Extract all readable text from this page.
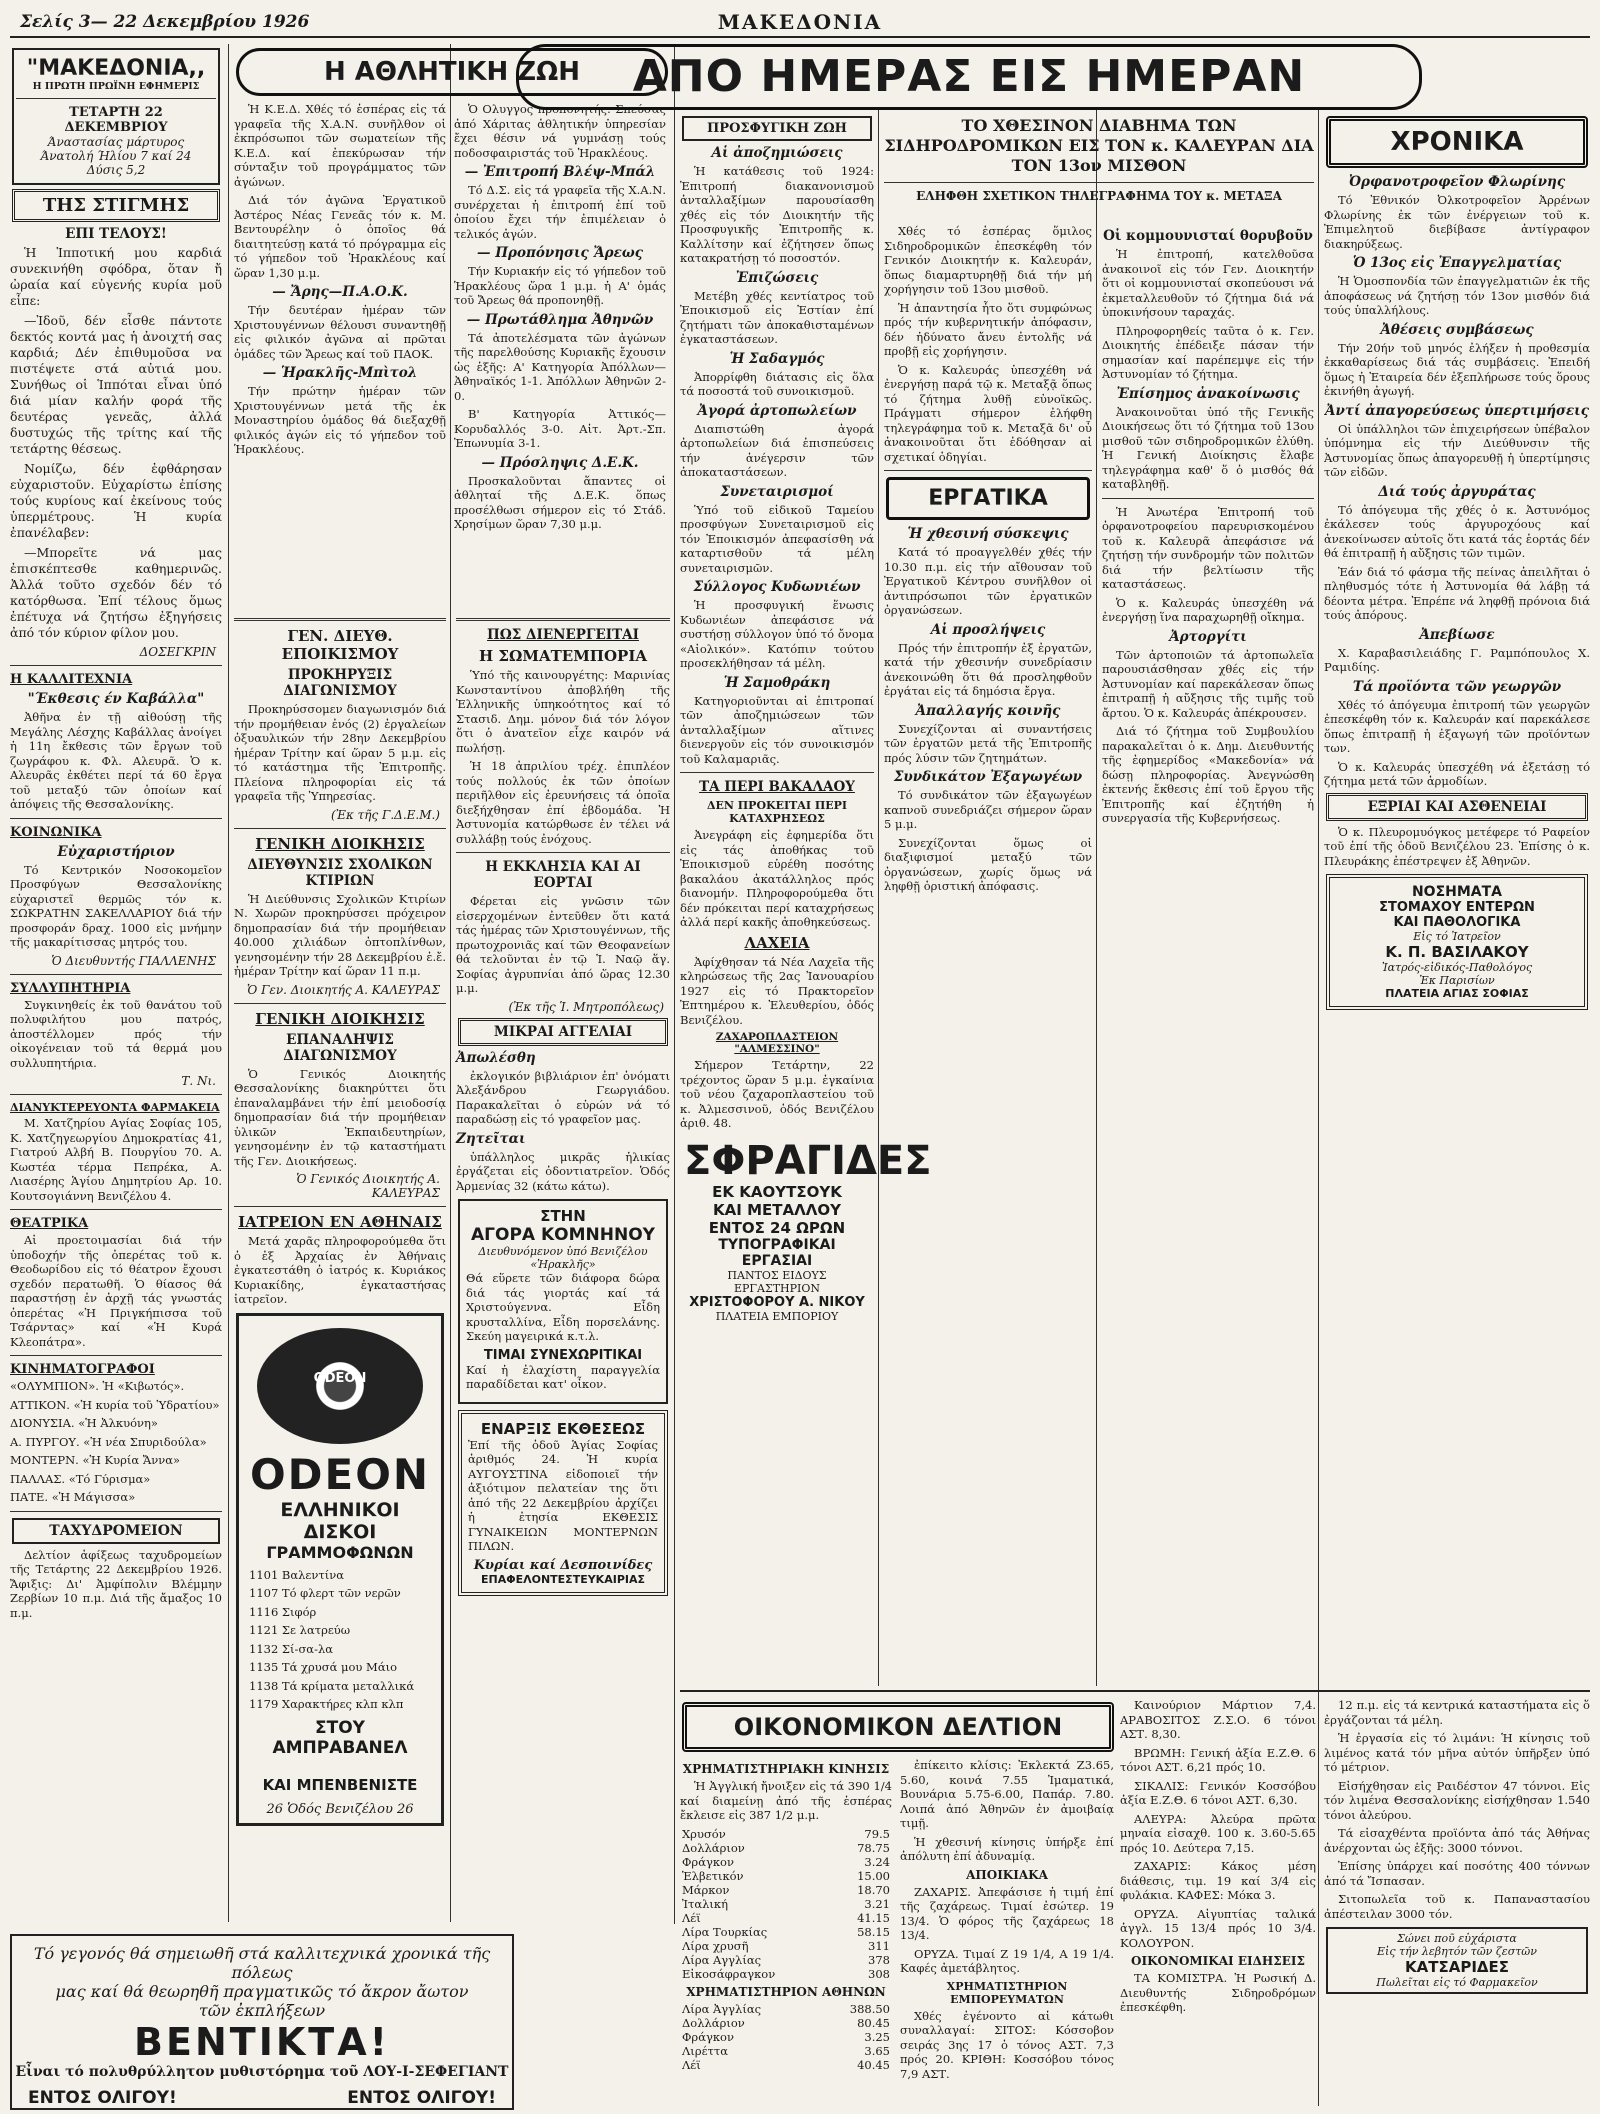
Σελίς 3— 22 Δεκεμβρίου 1926	ΜΑΚΕΔΟΝΙΑ
"ΜΑΚΕΔΟΝΙΑ,,
Η ΠΡΩΤΗ ΠΡΩΪΝΗ ΕΦΗΜΕΡΙΣ
ΤΕΤΑΡΤΗ 22 ΔΕΚΕΜΒΡΙΟΥ
Άναστασίας μάρτυρος
Άνατολή Ήλίου 7 καί 24
Δύσις 5,2
ΤΗΣ ΣΤΙΓΜΗΣ
ΕΠΙ ΤΕΛΟΥΣ!

Ἡ Ἱπποτική μου καρδιά συνεκινήθη σφόδρα, ὅταν ἤ ὠραία καί εὐγενής κυρία μοῦ εἶπε:

—Ἰδοῦ, δέν εἶσθε πάντοτε δεκτός κοντά μας ἡ ἀνοιχτή σας καρδιά; Δέν ἐπιθυμοῦσα να πιστέψετε στά αὐτιά μου. Συνήθως οἱ Ἱππόται εἶναι ὑπό διά μίαν καλήν φορά τῆς δευτέρας γενεᾶς, ἀλλά δυστυχώς τῆς τρίτης καί τῆς τετάρτης θέσεως.

Νομίζω, δέν ἐφθάρησαν εὐχαριστοῦν. Εὐχαρίστω ἐπίσης τούς κυρίους καί ἐκείνους τούς ὑπερμέτρους. Ἡ κυρία ἐπανέλαβεν:

—Μπορεῖτε νά μας ἐπισκέπτεσθε καθημερινῶς. Ἀλλά τοῦτο σχεδόν δέν τό κατόρθωσα. Ἐπί τέλους ὅμως ἐπέτυχα νά ζητήσω ἐξηγήσεις ἀπό τόν κύριον φίλον μου.

ΔΟΣΕΓΚΡΙΝ
Η ΚΑΛΛΙΤΕΧΝΙΑ
"Έκθεσις έν Καβάλλα"

Ἀθῆνα ἐν τῇ αἰθούσῃ τῆς Μεγάλης Λέσχης Καβάλλας ἀνοίγει ἡ 11η ἔκθεσις τῶν ἔργων τοῦ ζωγράφου κ. Φλ. Αλευρᾶ. Ὁ κ. Αλευρᾶς ἐκθέτει περί τά 60 ἔργα τοῦ μεταξύ τῶν ὁποίων καί ἀπόψεις τῆς Θεσσαλονίκης.

ΚΟΙΝΩΝΙΚΑ
Εὐχαριστήριον

Τό Κεντρικόν Νοσοκομεῖον Προσφύγων Θεσσαλονίκης εὐχαριστεῖ θερμῶς τόν κ. ΣΩΚΡΑΤΗΝ ΣΑΚΕΛΛΑΡΙΟΥ διά τήν προσφοράν δραχ. 1000 εἰς μνήμην τῆς μακαρίτισσας μητρός του.

Ὁ Διευθυντής ΓΙΑΛΛΕΝΗΣ
ΣΥΛΛΥΠΗΤΗΡΙΑ

Συγκινηθείς ἐκ τοῦ θανάτου τοῦ πολυφιλήτου μου πατρός, ἀποστέλλομεν πρός τήν οἰκογένειαν τοῦ τά θερμά μου συλλυπητήρια.

Τ. Νι.
ΔΙΑΝΥΚΤΕΡΕΥΟΝΤΑ ΦΑΡΜΑΚΕΙΑ

Μ. Χατζηρίου Αγίας Σοφίας 105, Κ. Χατζηγεωργίου Δημοκρατίας 41, Γιατρού Αλβή Β. Πουργίου 70. Α. Κωστέα τέρμα Πεπρέκα, Α. Λιασέρης Ἁγίου Δημητρίου Αρ. 10. Κουτσογιάννη Βενιζέλου 4.

ΘΕΑΤΡΙΚΑ

Αἱ προετοιμασίαι διά τήν ὑποδοχήν τῆς ὀπερέτας τοῦ κ. Θεοδωρίδου εἰς τό θέατρον ἔχουσι σχεδόν περατωθῆ. Ὁ θίασος θά παραστήσῃ ἐν ἀρχῇ τάς γνωστάς ὀπερέτας «Ἡ Πριγκήπισσα τοῦ Τσάρντας» καί «Ἡ Κυρά Κλεοπάτρα».

ΚΙΝΗΜΑΤΟΓΡΑΦΟΙ
«ΟΛΥΜΠΙΟΝ». Ἡ «Κιβωτός».
ΑΤΤΙΚΟΝ. «Ἡ κυρία τοῦ Ὑδρατίου»
ΔΙΟΝΥΣΙΑ. «Ἡ Ἀλκυόνη»
Α. ΠΥΡΓΟΥ. «Ἡ νέα Σπυριδούλα»
ΜΟΝΤΕΡΝ. «Ἡ Κυρία Ἄννα»
ΠΑΛΛΑΣ. «Τό Γύρισμα»
ΠΑΤΕ. «Ἡ Μάγισσα»
ΤΑΧΥΔΡΟΜΕΙΟΝ

Δελτίον ἀφίξεως ταχυδρομείων τῆς Τετάρτης 22 Δεκεμβρίου 1926. Ἄφιξις: Δι' Ἀμφίπολιν Βλέμμην Ζερβίων 10 π.μ. Διά τῆς ἄμαξος 10 π.μ.

Η ΑΘΛΗΤΙΚΗ ΖΩΗ

Ἡ Κ.Ε.Δ. Χθές τό ἑσπέρας εἰς τά γραφεῖα τῆς Χ.Α.Ν. συνῆλθον οἱ ἐκπρόσωποι τῶν σωματείων τῆς Κ.Ε.Δ. καί ἐπεκύρωσαν τήν σύνταξιν τοῦ προγράμματος τῶν ἀγώνων.

Διά τόν ἀγῶνα Ἐργατικοῦ Ἀστέρος Νέας Γενεᾶς τόν κ. Μ. Βεντουρέλην ὁ ὁποῖος θά διαιτητεύσῃ κατά τό πρόγραμμα εἰς τό γήπεδον τοῦ Ἡρακλέους καί ὥραν 1,30 μ.μ.

— Ἄρης—Π.Α.Ο.Κ.

Τήν δευτέραν ἡμέραν τῶν Χριστουγέννων θέλουσι συναντηθῇ εἰς φιλικόν ἀγῶνα αἱ πρῶται ὁμάδες τῶν Ἄρεως καί τοῦ ΠΑΟΚ.

— Ἡρακλῆς-Μπὶτολ

Τήν πρώτην ἡμέραν τῶν Χριστουγέννων μετά τῆς ἐκ Μοναστηρίου ὁμάδος θά διεξαχθῇ φιλικός ἀγών εἰς τό γήπεδον τοῦ Ἡρακλέους.

Ὁ Ολυγγος προπονητής. Σπεύσας ἀπό Χάριτας ἀθλητικήν ὑπηρεσίαν ἔχει θέσιν νά γυμνάσῃ τούς ποδοσφαιριστάς τοῦ Ἡρακλέους.

— Ἐπιτροπή Βλέψ-Μπάλ

Τό Δ.Σ. εἰς τά γραφεῖα τῆς Χ.Α.Ν. συνέρχεται ἡ ἐπιτροπή ἐπί τοῦ ὁποίου ἔχει τήν ἐπιμέλειαν ὁ τελικός ἀγών.

— Προπόνησις Ἄρεως

Τήν Κυριακήν εἰς τό γήπεδον τοῦ Ἡρακλέους ὥρα 1 μ.μ. ἡ Α' ὁμάς τοῦ Ἄρεως θά προπονηθῇ.

— Πρωτάθλημα Ἀθηνῶν

Τά ἀποτελέσματα τῶν ἀγώνων τῆς παρελθούσης Κυριακῆς ἔχουσιν ὡς ἑξῆς: Α' Κατηγορία Ἀπόλλων—Ἀθηναϊκός 1-1. Ἀπόλλων Ἀθηνῶν 2-0.

Β' Κατηγορία Ἀττικός—Κορυδαλλός 3-0. Αἰτ. Ἀρτ.-Σπ. Ἐπωνυμία 3-1.

— Πρόσληψις Δ.Ε.Κ.

Προσκαλοῦνται ἅπαντες οἱ ἀθληταί τῆς Δ.Ε.Κ. ὅπως προσέλθωσι σήμερον εἰς τό Στάδ. Χρησίμων ὥραν 7,30 μ.μ.

ΓΕΝ. ΔΙΕΥΘ. ΕΠΟΙΚΙΣΜΟΥ
ΠΡΟΚΗΡΥΞΙΣ ΔΙΑΓΩΝΙΣΜΟΥ

Προκηρύσσομεν διαγωνισμόν διά τήν προμήθειαν ἐνός (2) ἐργαλείων ὀξυαυλικών τήν 28ην Δεκεμβρίου ἡμέραν Τρίτην καί ὥραν 5 μ.μ. εἰς τό κατάστημα τῆς Ἐπιτροπῆς. Πλείονα πληροφορίαι εἰς τά γραφεῖα τῆς Ὑπηρεσίας.

(Ἐκ τῆς Γ.Δ.Ε.Μ.)
ΓΕΝΙΚΗ ΔΙΟΙΚΗΣΙΣ
ΔΙΕΥΘΥΝΣΙΣ ΣΧΟΛΙΚΩΝ ΚΤΙΡΙΩΝ

Ἡ Διεύθυνσις Σχολικῶν Κτιρίων Ν. Χωρῶν προκηρύσσει πρόχειρον δημοπρασίαν διά τήν προμήθειαν 40.000 χιλιάδων ὀπτοπλίνθων, γενησομένην τήν 28 Δεκεμβρίου ἐ.ἔ. ἡμέραν Τρίτην καί ὥραν 11 π.μ.

Ὁ Γεν. Διοικητής Α. ΚΑΛΕΥΡΑΣ
ΓΕΝΙΚΗ ΔΙΟΙΚΗΣΙΣ
ΕΠΑΝΑΛΗΨΙΣ ΔΙΑΓΩΝΙΣΜΟΥ

Ὁ Γενικός Διοικητής Θεσσαλονίκης διακηρύττει ὅτι ἐπαναλαμβάνει τήν ἐπί μειοδοσίᾳ δημοπρασίαν διά τήν προμήθειαν ὑλικῶν Ἐκπαιδευτηρίων, γενησομένην ἐν τῷ καταστήματι τῆς Γεν. Διοικήσεως.

Ὁ Γενικός Διοικητής Α. ΚΑΛΕΥΡΑΣ
ΙΑΤΡΕΙΟΝ ΕΝ ΑΘΗΝΑΙΣ

Μετά χαρᾶς πληροφορούμεθα ὅτι ὁ ἐξ Ἀρχαίας ἐν Ἀθήναις ἐγκατεστάθη ὁ ἰατρός κ. Κυριάκος Κυριακίδης, ἐγκαταστήσας ἰατρεῖον.

ODEON
ODEON
ΕΛΛΗΝΙΚΟΙ ΔΙΣΚΟΙ
ΓΡΑΜΜΟΦΩΝΩΝ
1101 Βαλεντίνα
1107 Τό φλερτ τῶν νερῶν
1116 Σιφόρ
1121 Σε λατρεύω
1132 Σί-σα-λα
1135 Τά χρυσά μου Μάιο
1138 Τά κρίματα μεταλλικά
1179 Χαρακτήρες κλπ κλπ
ΣΤΟΥ
ΑΜΠΡΑΒΑΝΕΛ
ΚΑΙ ΜΠΕΝΒΕΝΙΣΤΕ
26 Ὁδός Βενιζέλου 26
ΠΩΣ ΔΙΕΝΕΡΓΕΙΤΑΙ
Η ΣΩΜΑΤΕΜΠΟΡΙΑ

Ὑπό τῆς καινουργέτης: Μαρινίας Κωνσταντίνου ἀποβλήθη τῆς Ἐλληνικῆς ὑπηκοότητος καί τό Στασιδ. Δημ. μόνον διά τόν λόγον ὅτι ὁ ἀνατεῖον εἶχε καιρόν νά πωλήσῃ.

Ἡ 18 ἀπριλίου τρέχ. ἐπιπλέον τούς πολλούς ἐκ τῶν ὁποίων περιῆλθον εἰς ἐρευνήσεις τά ὁποῖα διεξήχθησαν ἐπί ἑβδομάδα. Ἡ Ἀστυνομία κατώρθωσε ἐν τέλει νά συλλάβῃ τούς ἐνόχους.

Η ΕΚΚΛΗΣΙΑ ΚΑΙ ΑΙ ΕΟΡΤΑΙ

Φέρεται εἰς γνῶσιν τῶν εἰσερχομένων ἐντεῦθεν ὅτι κατά τάς ἡμέρας τῶν Χριστουγέννων, τῆς πρωτοχρονιᾶς καί τῶν Θεοφανείων θά τελοῦνται ἐν τῷ Ἱ. Ναῷ ἅγ. Σοφίας ἀγρυπνίαι ἀπό ὥρας 12.30 μ.μ.

(Ἐκ τῆς Ἱ. Μητροπόλεως)
ΜΙΚΡΑΙ ΑΓΓΕΛΙΑΙ
Ἀπωλέσθη

ἐκλογικόν βιβλιάριον ἐπ' ὀνόματι Ἀλεξάνδρου Γεωργιάδου. Παρακαλεῖται ὁ εὑρών νά τό παραδώσῃ εἰς τό γραφεῖον μας.

Ζητεῖται

ὑπάλληλος μικρᾶς ἡλικίας ἐργάζεται εἰς ὀδοντιατρεῖον. Ὁδός Ἀρμενίας 32 (κάτω κάτω).

ΣΤΗΝ
ΑΓΟΡΑ ΚΟΜΝΗΝΟΥ
Διευθυνόμενον ὑπό Βενιζέλου «Ἡρακλῆς»

Θά εὕρετε τῶν διάφορα δώρα διά τάς γιορτάς καί τά Χριστούγεννα. Εἶδη κρυσταλλίνα, Εἶδη πορσελάνης. Σκεύη μαγειρικά κ.τ.λ.

ΤΙΜΑΙ ΣΥΝΕΧΩΡΙΤΙΚΑΙ
Καί ἡ ἐλαχίστη παραγγελία παραδίδεται κατ' οἶκον.
ΕΝΑΡΞΙΣ ΕΚΘΕΣΕΩΣ

Ἐπί τῆς ὁδοῦ Ἁγίας Σοφίας ἀριθμός 24. Ἡ κυρία ΑΥΓΟΥΣΤΙΝΑ εἰδοποιεῖ τήν ἀξιότιμον πελατείαν της ὅτι ἀπό τῆς 22 Δεκεμβρίου ἀρχίζει ἡ ἐτησία ΕΚΘΕΣΙΣ ΓΥΝΑΙΚΕΙΩΝ ΜΟΝΤΕΡΝΩΝ ΠΙΛΩΝ.

Κυρίαι καί Δεσποινίδες
ΕΠΑΦΕΛΟΝΤΕΣΤΕΥΚΑΙΡΙΑΣ
ΑΠΟ ΗΜΕΡΑΣ ΕΙΣ ΗΜΕΡΑΝ
ΠΡΟΣΦΥΓΙΚΗ ΖΩΗ
Αἱ ἀποζημιώσεις

Ἡ κατάθεσις τοῦ 1924: Ἐπιτροπή διακανονισμοῦ ἀνταλλαξίμων παρουσίασθη χθές εἰς τόν Διοικητήν τῆς Προσφυγικῆς Ἐπιτροπῆς κ. Καλλίτσην καί ἐζήτησεν ὅπως κατακρατήσῃ τό ποσοστόν.

Ἐπιζώσεις

Μετέβη χθές κεντίατρος τοῦ Ἐποικισμοῦ εἰς Ἑστίαν ἐπί ζητήματι τῶν ἀποκαθισταμένων ἐγκαταστάσεων.

Ἡ Σαδαγμός

Ἀπορρίφθη διάτασις εἰς ὅλα τά ποσοστά τοῦ συνοικισμοῦ.

Ἀγορά ἀρτοπωλείων

Διαπιστώθη ἀγορά ἀρτοπωλείων διά ἐπισπεύσεις τήν ἀνέγερσιν τῶν ἀποκαταστάσεων.

Συνεταιρισμοί

Ὑπό τοῦ εἰδικοῦ Ταμείου προσφύγων Συνεταιρισμοῦ εἰς τόν Ἐποικισμόν ἀπεφασίσθη νά καταρτισθοῦν τά μέλη συνεταιρισμῶν.

Σύλλογος Κυδωνιέων

Ἡ προσφυγική ἕνωσις Κυδωνιέων ἀπεφάσισε νά συστήσῃ σύλλογον ὑπό τό ὄνομα «Αἰολικόν». Κατόπιν τούτου προσεκλήθησαν τά μέλη.

Ἡ Σαμοθράκη

Κατηγοριοῦνται αἱ ἐπιτροπαί τῶν ἀποζημιώσεων τῶν ἀνταλλαξίμων αἵτινες διενεργοῦν εἰς τόν συνοικισμόν τοῦ Καλαμαριᾶς.

ΤΑ ΠΕΡΙ ΒΑΚΑΛΑΟΥ
ΔΕΝ ΠΡΟΚΕΙΤΑΙ ΠΕΡΙ ΚΑΤΑΧΡΗΣΕΩΣ

Ἀνεγράφη εἰς ἐφημερίδα ὅτι εἰς τάς ἀποθήκας τοῦ Ἐποικισμοῦ εὑρέθη ποσότης βακαλάου ἀκατάλληλος πρός διανομήν. Πληροφορούμεθα ὅτι δέν πρόκειται περί καταχρήσεως ἀλλά περί κακῆς ἀποθηκεύσεως.

ΛΑΧΕΙΑ

Ἀφίχθησαν τά Νέα Λαχεῖα τῆς κληρώσεως τῆς 2ας Ἰανουαρίου 1927 εἰς τό Πρακτορεῖον Ἐπτημέρου κ. Ἐλευθερίου, ὁδός Βενιζέλου.

ΖΑΧΑΡΟΠΛΑΣΤΕΙΟΝ "ΑΛΜΕΣΣΙΝΟ"

Σήμερον Τετάρτην, 22 τρέχοντος ὥραν 5 μ.μ. ἐγκαίνια τοῦ νέου ζαχαροπλαστείου τοῦ κ. Ἀλμεσσινοῦ, ὁδός Βενιζέλου ἀριθ. 48.

ΣΦΡΑΓΙΔΕΣ
ΕΚ ΚΑΟΥΤΣΟΥΚ
ΚΑΙ ΜΕΤΑΛΛΟΥ
ΕΝΤΟΣ 24 ΩΡΩΝ
ΤΥΠΟΓΡΑΦΙΚΑΙ ΕΡΓΑΣΙΑΙ
ΠΑΝΤΟΣ ΕΙΔΟΥΣ
ΕΡΓΑΣΤΗΡΙΟΝ
ΧΡΙΣΤΟΦΟΡΟΥ Α. ΝΙΚΟΥ
ΠΛΑΤΕΙΑ ΕΜΠΟΡΙΟΥ
ΤΟ ΧΘΕΣΙΝΟΝ ΔΙΑΒΗΜΑ ΤΩΝ ΣΙΔΗΡΟΔΡΟΜΙΚΩΝ ΕΙΣ ΤΟΝ κ. ΚΑΛΕΥΡΑΝ ΔΙΑ ΤΟΝ 13ον ΜΙΣΘΟΝ
ΕΛΗΦΘΗ ΣΧΕΤΙΚΟΝ ΤΗΛΕΓΡΑΦΗΜΑ ΤΟΥ κ. ΜΕΤΑΞΑ

Χθές τό ἑσπέρας ὅμιλος Σιδηροδρομικῶν ἐπεσκέφθη τόν Γενικόν Διοικητήν κ. Καλευράν, ὅπως διαμαρτυρηθῇ διά τήν μή χορήγησιν τοῦ 13ου μισθοῦ.

Ἡ ἀπαντησία ἦτο ὅτι συμφώνως πρός τήν κυβερνητικήν ἀπόφασιν, δέν ἠδύνατο ἄνευ ἐντολῆς νά προβῇ εἰς χορήγησιν.

Ὁ κ. Καλευράς ὑπεσχέθη νά ἐνεργήσῃ παρά τῷ κ. Μεταξᾷ ὅπως τό ζήτημα λυθῇ εὐνοϊκῶς. Πράγματι σήμερον ἐλήφθη τηλεγράφημα τοῦ κ. Μεταξᾶ δι' οὗ ἀνακοινοῦται ὅτι ἐδόθησαν αἱ σχετικαί ὁδηγίαι.

ΕΡΓΑΤΙΚΑ
Ἡ χθεσινή σύσκεψις

Κατά τό προαγγελθέν χθές τήν 10.30 π.μ. εἰς τήν αἴθουσαν τοῦ Ἐργατικοῦ Κέντρου συνῆλθον οἱ ἀντιπρόσωποι τῶν ἐργατικῶν ὀργανώσεων.

Αἱ προσλήψεις

Πρός τήν ἐπιτροπήν ἐξ ἐργατῶν, κατά τήν χθεσινήν συνεδρίασιν ἀνεκοινώθη ὅτι θά προσληφθοῦν ἐργάται εἰς τά δημόσια ἔργα.

Ἀπαλλαγής κοινῆς

Συνεχίζονται αἱ συναντήσεις τῶν ἐργατῶν μετά τῆς Ἐπιτροπῆς πρός λύσιν τῶν ζητημάτων.

Συνδικάτον Ἐξαγωγέων

Τό συνδικάτον τῶν ἐξαγωγέων καπνοῦ συνεδριάζει σήμερον ὥραν 5 μ.μ.

Συνεχίζονται ὅμως οἱ διαξιφισμοί μεταξύ τῶν ὀργανώσεων, χωρίς ὅμως νά ληφθῇ ὁριστική ἀπόφασις.

Οἱ κομμουνισταί θορυβοῦν

Ἡ ἐπιτροπή, κατελθοῦσα ἀνακοινοῖ εἰς τόν Γεν. Διοικητήν ὅτι οἱ κομμουνισταί σκοπεύουσι νά ἐκμεταλλευθοῦν τό ζήτημα διά νά ὑποκινήσουν ταραχάς.

Πληροφορηθείς ταῦτα ὁ κ. Γεν. Διοικητής ἐπέδειξε πάσαν τήν σημασίαν καί παρέπεμψε εἰς τήν Ἀστυνομίαν τό ζήτημα.

Ἐπίσημος ἀνακοίνωσις

Ἀνακοινοῦται ὑπό τῆς Γενικῆς Διοικήσεως ὅτι τό ζήτημα τοῦ 13ου μισθοῦ τῶν σιδηροδρομικῶν ἐλύθη. Ἡ Γενική Διοίκησις ἔλαβε τηλεγράφημα καθ' ὅ ὁ μισθός θά καταβληθῇ.

Ἡ Ἀνωτέρα Ἐπιτροπή τοῦ ὀρφανοτροφείου παρευρισκομένου τοῦ κ. Καλευρᾶ ἀπεφάσισε νά ζητήσῃ τήν συνδρομήν τῶν πολιτῶν διά τήν βελτίωσιν τῆς καταστάσεως.

Ὁ κ. Καλευράς ὑπεσχέθη νά ἐνεργήσῃ ἵνα παραχωρηθῇ οἴκημα.

Ἀρτοργίτι

Τῶν ἀρτοποιῶν τά ἀρτοπωλεῖα παρουσιάσθησαν χθές εἰς τήν Ἀστυνομίαν καί παρεκάλεσαν ὅπως ἐπιτραπῇ ἡ αὔξησις τῆς τιμῆς τοῦ ἄρτου. Ὁ κ. Καλευράς ἀπέκρουσεν.

Διά τό ζήτημα τοῦ Συμβουλίου παρακαλεῖται ὁ κ. Δημ. Διευθυντής τῆς ἐφημερίδος «Μακεδονία» νά δώσῃ πληροφορίας. Ἀνεγνώσθη ἐκτενής ἔκθεσις ἐπί τοῦ ἔργου τῆς Ἐπιτροπῆς καί ἐζητήθη ἡ συνεργασία τῆς Κυβερνήσεως.

ΧΡΟΝΙΚΑ
Ὀρφανοτροφεῖον Φλωρίνης

Τό Ἐθνικόν Ὀλκοτροφεῖον Ἀρρένων Φλωρίνης ἐκ τῶν ἐνέργειων τοῦ κ. Ἐπιμελητοῦ διεβίβασε ἀντίγραφον διακηρύξεως.

Ὁ 13ος εἰς Ἐπαγγελματίας

Ἡ Ὁμοσπονδία τῶν ἐπαγγελματιῶν ἐκ τῆς ἀποφάσεως νά ζητήσῃ τόν 13ον μισθόν διά τούς ὑπαλλήλους.

Ἀθέσεις συμβάσεως

Τήν 20ήν τοῦ μηνός ἐλήξεν ἡ προθεσμία ἐκκαθαρίσεως διά τάς συμβάσεις. Ἐπειδή ὅμως ἡ Ἐταιρεία δέν ἐξεπλήρωσε τούς ὅρους ἐκινήθη ἀγωγή.

Ἀντί ἀπαγορεύσεως ὑπερτιμήσεις

Οἱ ὑπάλληλοι τῶν ἐπιχειρήσεων ὑπέβαλον ὑπόμνημα εἰς τήν Διεύθυνσιν τῆς Ἀστυνομίας ὅπως ἀπαγορευθῇ ἡ ὑπερτίμησις τῶν εἰδῶν.

Διά τούς ἀργυράτας

Τό ἀπόγευμα τῆς χθές ὁ κ. Ἀστυνόμος ἐκάλεσεν τούς ἀργυροχόους καί ἀνεκοίνωσεν αὐτοῖς ὅτι κατά τάς ἑορτάς δέν θά ἐπιτραπῇ ἡ αὔξησις τῶν τιμῶν.

Ἐάν διά τό φάσμα τῆς πείνας ἀπειλῆται ὁ πληθυσμός τότε ἡ Ἀστυνομία θά λάβῃ τά δέοντα μέτρα. Ἐπρέπε νά ληφθῇ πρόνοια διά τούς ἀπόρους.

Ἀπεβίωσε

Χ. Καραβασιλειάδης Γ. Ραμπόπουλος Χ. Ραμιδίης.

Τά προϊόντα τῶν γεωργῶν

Χθές τό ἀπόγευμα ἐπιτροπή τῶν γεωργῶν ἐπεσκέφθη τόν κ. Καλευράν καί παρεκάλεσε ὅπως ἐπιτραπῇ ἡ ἐξαγωγή τῶν προϊόντων των.

Ὁ κ. Καλευράς ὑπεσχέθη νά ἐξετάσῃ τό ζήτημα μετά τῶν ἁρμοδίων.

ΕΞΡΙΑΙ ΚΑΙ ΑΣΘΕΝΕΙΑΙ

Ὁ κ. Πλευρομυόγκος μετέφερε τό Ραφείον τοῦ ἐπί τῆς ὁδοῦ Βενιζέλου 23. Ἐπίσης ὁ κ. Πλευράκης ἐπέστρεψεν ἐξ Ἀθηνῶν.

ΝΟΣΗΜΑΤΑ
ΣΤΟΜΑΧΟΥ ΕΝΤΕΡΩΝ
ΚΑΙ ΠΑΘΟΛΟΓΙΚΑ
Εἰς τό Ἰατρεῖον
Κ. Π. ΒΑΣΙΛΑΚΟΥ
Ἰατρός-εἰδικός-Παθολόγος
Ἐκ Παρισίων
ΠΛΑΤΕΙΑ ΑΓΙΑΣ ΣΟΦΙΑΣ
ΟΙΚΟΝΟΜΙΚΟΝ ΔΕΛΤΙΟΝ
ΧΡΗΜΑΤΙΣΤΗΡΙΑΚΗ ΚΙΝΗΣΙΣ

Ἡ Ἀγγλική ἤνοιξεν εἰς τά 390 1/4 καί διαμείνῃ ἀπό τῆς ἑσπέρας ἔκλεισε εἰς 387 1/2 μ.μ.

Χρυσόν	79.5
Δολλάριον	78.75
Φράγκον	3.24
Ἑλβετικόν	15.00
Μάρκον	18.70
Ἰταλική	3.21
Λέϊ	41.15
Λίρα Τουρκίας	58.15
Λίρα χρυσῆ	311
Λίρα Αγγλίας	378
Εἰκοσάφραγκον	308
ΧΡΗΜΑΤΙΣΤΗΡΙΟΝ ΑΘΗΝΩΝ
Λίρα Ἀγγλίας	388.50
Δολλάριον	80.45
Φράγκον	3.25
Λιρέττα	3.65
Λέϊ	40.45

ἐπίκειτο κλίσις: Ἐκλεκτά Ζ3.65, 5.60, κοινά 7.55 Ἰμαματικά, Βουνάρια 5.75-6.00, Παπάρ. 7.80. Λοιπά ἀπό Ἀθηνῶν ἐν ἀμοιβαίᾳ τιμῇ.

Ἡ χθεσινή κίνησις ὑπήρξε ἐπί ἀπόλυτη ἐπί ἀδυναμίᾳ.

ΑΠΟΙΚΙΑΚΑ

ΖΑΧΑΡΙΣ. Ἀπεφάσισε ἡ τιμή ἐπί τῆς ζαχάρεως. Τιμαί ἐσώτερ. 19 13/4. Ὁ φόρος τῆς ζαχάρεως 18 13/4.

ΟΡΥΖΑ. Τιμαί Ζ 19 1/4, Α 19 1/4. Καφές ἀμετάβλητος.

ΧΡΗΜΑΤΙΣΤΗΡΙΟΝ ΕΜΠΟΡΕΥΜΑΤΩΝ

Χθές ἐγένοντο αἱ κάτωθι συναλλαγαί: ΣΙΤΟΣ: Κόσσοβον σειράς 3ης 17 ὁ τόνος ΑΣΤ. 7,3 πρός 20. ΚΡΙΘΗ: Κοσσόβου τόνος 7,9 ΑΣΤ.

Καινούριον Μάρτιον 7,4. ΑΡΑΒΟΣΙΤΟΣ Ζ.Σ.Ο. 6 τόνοι ΑΣΤ. 8,30.

ΒΡΩΜΗ: Γενική ἀξία Ε.Ζ.Θ. 6 τόνοι ΑΣΤ. 6,21 πρός 10.

ΣΙΚΑΛΙΣ: Γενικόν Κοσσόβου ἀξία Ε.Ζ.Θ. 6 τόνοι ΑΣΤ. 6,30.

ΑΛΕΥΡΑ: Ἀλεύρα πρῶτα μηναία εἰσαχθ. 100 κ. 3.60-5.65 πρός 10. Δεύτερα 7,15.

ΖΑΧΑΡΙΣ: Κάκος μέση διάθεσις, τιμ. 19 καί 3/4 εἰς φυλάκια. ΚΑΦΕΣ: Μόκα 3.

ΟΡΥΖΑ. Αἰγυπτίας ταλικά ἀγγλ. 15 13/4 πρός 10 3/4. ΚΟΛΟΥΡΟΝ.

ΟΙΚΟΝΟΜΙΚΑΙ ΕΙΔΗΣΕΙΣ

ΤΑ ΚΟΜΙΣΤΡΑ. Ἡ Ρωσική Δ. Διευθυντής Σιδηροδρόμων ἐπεσκέφθη.

12 π.μ. εἰς τά κεντρικά καταστήματα εἰς ὅ ἐργάζονται τά μέλη.

Ἡ ἐργασία εἰς τό λιμάνι: Ἡ κίνησις τοῦ λιμένος κατά τόν μῆνα αὐτόν ὑπῆρξεν ὑπό τό μέτριον.

Εἰσήχθησαν εἰς Ραιδέστον 47 τόννοι. Εἰς τόν λιμένα Θεσσαλονίκης εἰσήχθησαν 1.540 τόνοι ἀλεύρου.

Τά εἰσαχθέντα προϊόντα ἀπό τάς Ἀθήνας ἀνέρχονται ὡς ἑξῆς: 3000 τόννοι.

Ἐπίσης ὑπάρχει καί ποσότης 400 τόννων ἀπό τά Ἴσπασαν.

Σιτοπωλεῖα τοῦ κ. Παπαναστασίου ἀπέστειλαν 3000 τόν.

Σώνει ποῦ εὐχάριστα
Εἰς τήν λεβητόν τῶν ζεστῶν
ΚΑΤΣΑΡΙΔΕΣ
Πωλεῖται εἰς τό Φαρμακεῖον
Τό γεγονός θά σημειωθῆ στά καλλιτεχνικά χρονικά τῆς πόλεως
μας καί θά θεωρηθῆ πραγματικῶς τό ἄκρον ἄωτον
τῶν ἐκπλήξεων
ΒΕΝΤΙΚΤΑ!
Εἶναι τό πολυθρύλλητον μυθιστόρημα τοῦ ΛΟΥ-Ι-ΣΕΦΕΓΙΑΝΤ
ΕΝΤΟΣ ΟΛΙΓΟΥ!	ΕΝΤΟΣ ΟΛΙΓΟΥ!
